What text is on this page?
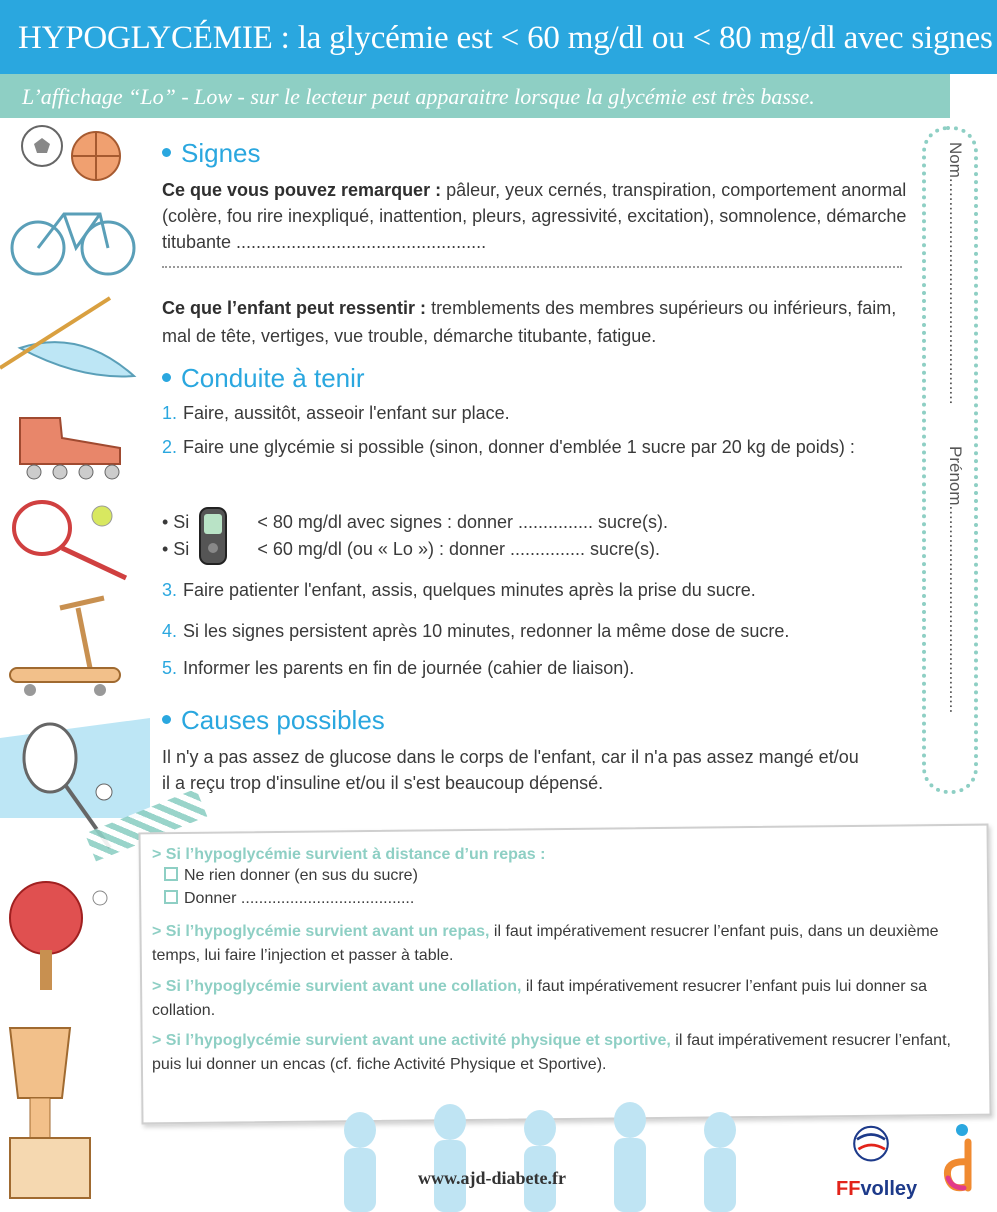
HYPOGLYCÉMIE : la glycémie est < 60 mg/dl ou < 80 mg/dl avec signes
L’affichage “Lo” - Low - sur le lecteur peut apparaitre lorsque la glycémie est très basse.
Signes
Ce que vous pouvez remarquer : pâleur, yeux cernés, transpiration, comportement anormal (colère, fou rire inexpliqué, inattention, pleurs, agressivité, excitation), somnolence, démarche titubante ..................................................
Ce que l’enfant peut ressentir : tremblements des membres supérieurs ou inférieurs, faim, mal de tête, vertiges, vue trouble, démarche titubante, fatigue.
Conduite à tenir
1. Faire, aussitôt, asseoir l'enfant sur place.
2. Faire une glycémie si possible (sinon, donner d'emblée 1 sucre par 20 kg de poids) :
• Si	< 80 mg/dl avec signes : donner ............... sucre(s).
• Si	< 60 mg/dl (ou « Lo ») : donner ............... sucre(s).
3. Faire patienter l'enfant, assis, quelques minutes après la prise du sucre.
4. Si les signes persistent après 10 minutes, redonner la même dose de sucre.
5. Informer les parents en fin de journée (cahier de liaison).
Causes possibles
Il n'y a pas assez de glucose dans le corps de l'enfant, car il n'a pas assez mangé et/ou il a reçu trop d'insuline et/ou il s'est beaucoup dépensé.
Nom................................................
Prénom............................................
> Si l’hypoglycémie survient à distance d’un repas :
Ne rien donner (en sus du sucre)
Donner .......................................
> Si l’hypoglycémie survient avant un repas, il faut impérativement resucrer l’enfant puis, dans un deuxième temps, lui faire l’injection et passer à table.
> Si l’hypoglycémie survient avant une collation, il faut impérativement resucrer l’enfant puis lui donner sa collation.
> Si l’hypoglycémie survient avant une activité physique et sportive, il faut impérativement resucrer l’enfant, puis lui donner un encas (cf. fiche Activité Physique et Sportive).
www.ajd-diabete.fr	FFvolley
